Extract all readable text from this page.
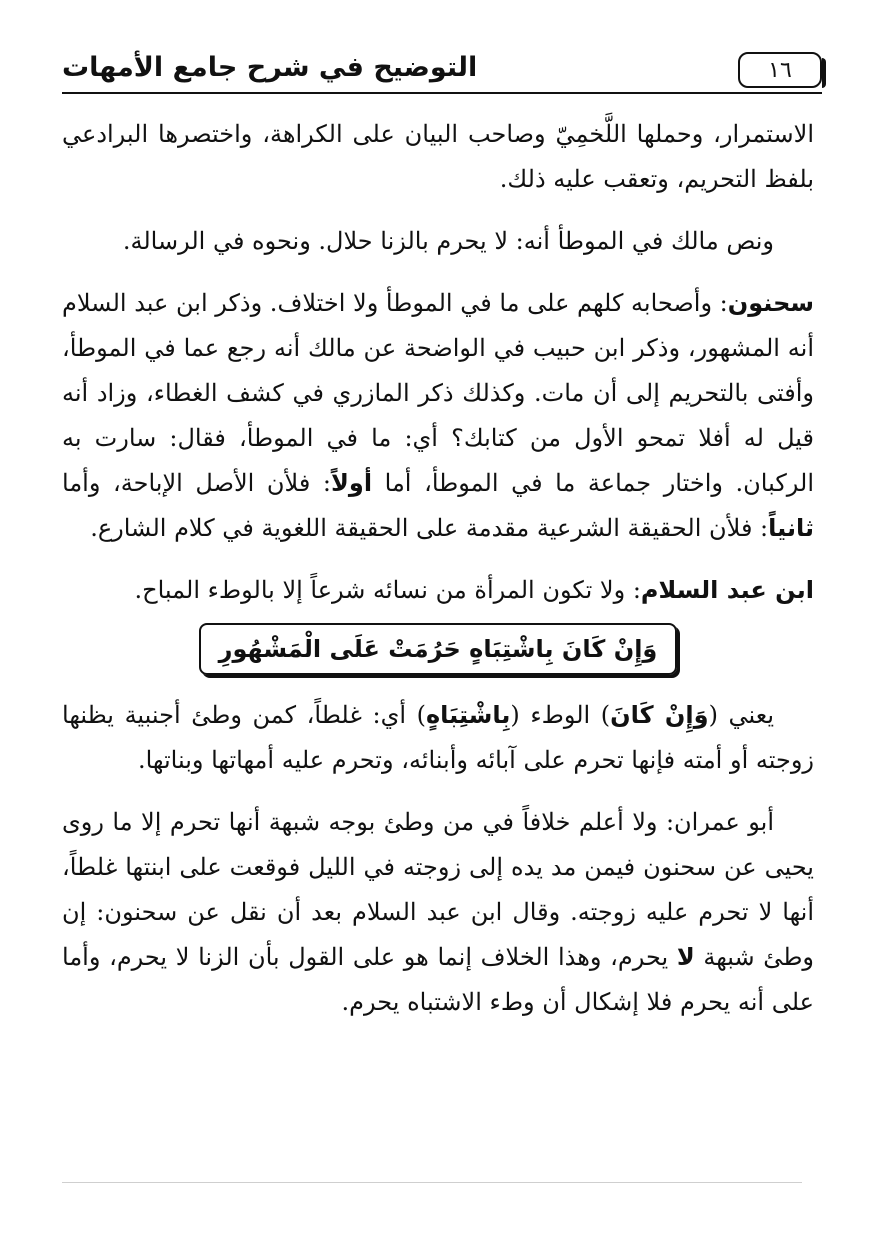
التوضيح في شرح جامع الأمهات	١٦

الاستمرار، وحملها اللَّخمِيّ وصاحب البيان على الكراهة، واختصرها البرادعي بلفظ التحريم، وتعقب عليه ذلك.

ونص مالك في الموطأ أنه: لا يحرم بالزنا حلال. ونحوه في الرسالة.

سحنون: وأصحابه كلهم على ما في الموطأ ولا اختلاف. وذكر ابن عبد السلام أنه المشهور، وذكر ابن حبيب في الواضحة عن مالك أنه رجع عما في الموطأ، وأفتى بالتحريم إلى أن مات. وكذلك ذكر المازري في كشف الغطاء، وزاد أنه قيل له أفلا تمحو الأول من كتابك؟ أي: ما في الموطأ، فقال: سارت به الركبان. واختار جماعة ما في الموطأ، أما أولاً: فلأن الأصل الإباحة، وأما ثانياً: فلأن الحقيقة الشرعية مقدمة على الحقيقة اللغوية في كلام الشارع.

ابن عبد السلام: ولا تكون المرأة من نسائه شرعاً إلا بالوطء المباح.

وَإِنْ كَانَ بِاشْتِبَاهٍ حَرُمَتْ عَلَى الْمَشْهُورِ

يعني (وَإِنْ كَانَ) الوطء (بِاشْتِبَاهٍ) أي: غلطاً، كمن وطئ أجنبية يظنها زوجته أو أمته فإنها تحرم على آبائه وأبنائه، وتحرم عليه أمهاتها وبناتها.

أبو عمران: ولا أعلم خلافاً في من وطئ بوجه شبهة أنها تحرم إلا ما روى يحيى عن سحنون فيمن مد يده إلى زوجته في الليل فوقعت على ابنتها غلطاً، أنها لا تحرم عليه زوجته. وقال ابن عبد السلام بعد أن نقل عن سحنون: إن وطئ شبهة لا يحرم، وهذا الخلاف إنما هو على القول بأن الزنا لا يحرم، وأما على أنه يحرم فلا إشكال أن وطء الاشتباه يحرم.
